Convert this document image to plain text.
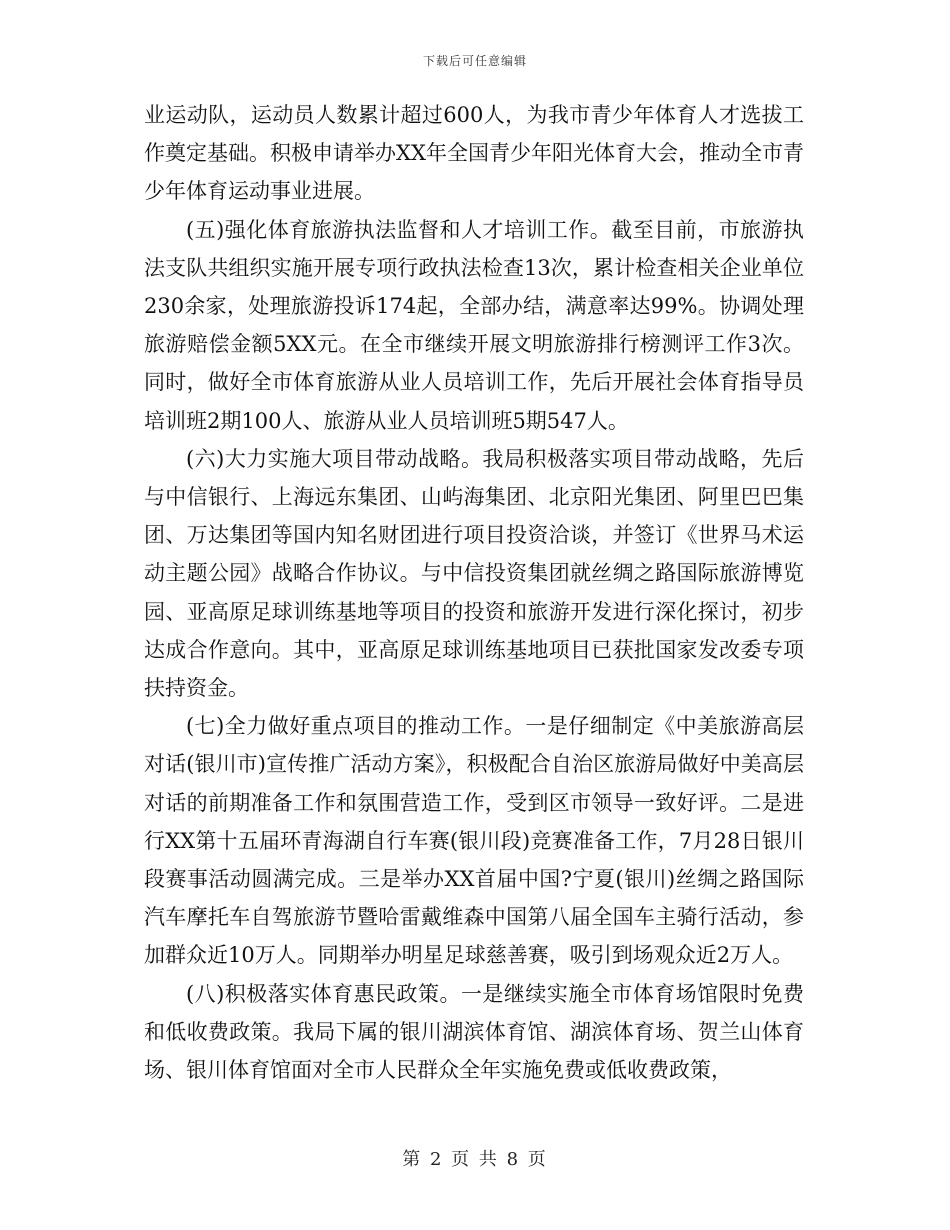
下载后可任意编辑

业运动队，运动员人数累计超过600人，为我市青少年体育人才选拔工作奠定基础。积极申请举办XX年全国青少年阳光体育大会，推动全市青少年体育运动事业进展。

(五)强化体育旅游执法监督和人才培训工作。截至目前，市旅游执法支队共组织实施开展专项行政执法检查13次，累计检查相关企业单位230余家，处理旅游投诉174起，全部办结，满意率达99%。协调处理旅游赔偿金额5XX元。在全市继续开展文明旅游排行榜测评工作3次。同时，做好全市体育旅游从业人员培训工作，先后开展社会体育指导员培训班2期100人、旅游从业人员培训班5期547人。

(六)大力实施大项目带动战略。我局积极落实项目带动战略，先后与中信银行、上海远东集团、山屿海集团、北京阳光集团、阿里巴巴集团、万达集团等国内知名财团进行项目投资洽谈，并签订《世界马术运动主题公园》战略合作协议。与中信投资集团就丝绸之路国际旅游博览园、亚高原足球训练基地等项目的投资和旅游开发进行深化探讨，初步达成合作意向。其中，亚高原足球训练基地项目已获批国家发改委专项扶持资金。

(七)全力做好重点项目的推动工作。一是仔细制定《中美旅游高层对话(银川市)宣传推广活动方案》，积极配合自治区旅游局做好中美高层对话的前期准备工作和氛围营造工作，受到区市领导一致好评。二是进行XX第十五届环青海湖自行车赛(银川段)竞赛准备工作，7月28日银川段赛事活动圆满完成。三是举办XX首届中国?宁夏(银川)丝绸之路国际汽车摩托车自驾旅游节暨哈雷戴维森中国第八届全国车主骑行活动，参加群众近10万人。同期举办明星足球慈善赛，吸引到场观众近2万人。

(八)积极落实体育惠民政策。一是继续实施全市体育场馆限时免费和低收费政策。我局下属的银川湖滨体育馆、湖滨体育场、贺兰山体育场、银川体育馆面对全市人民群众全年实施免费或低收费政策，

第 2 页 共 8 页
